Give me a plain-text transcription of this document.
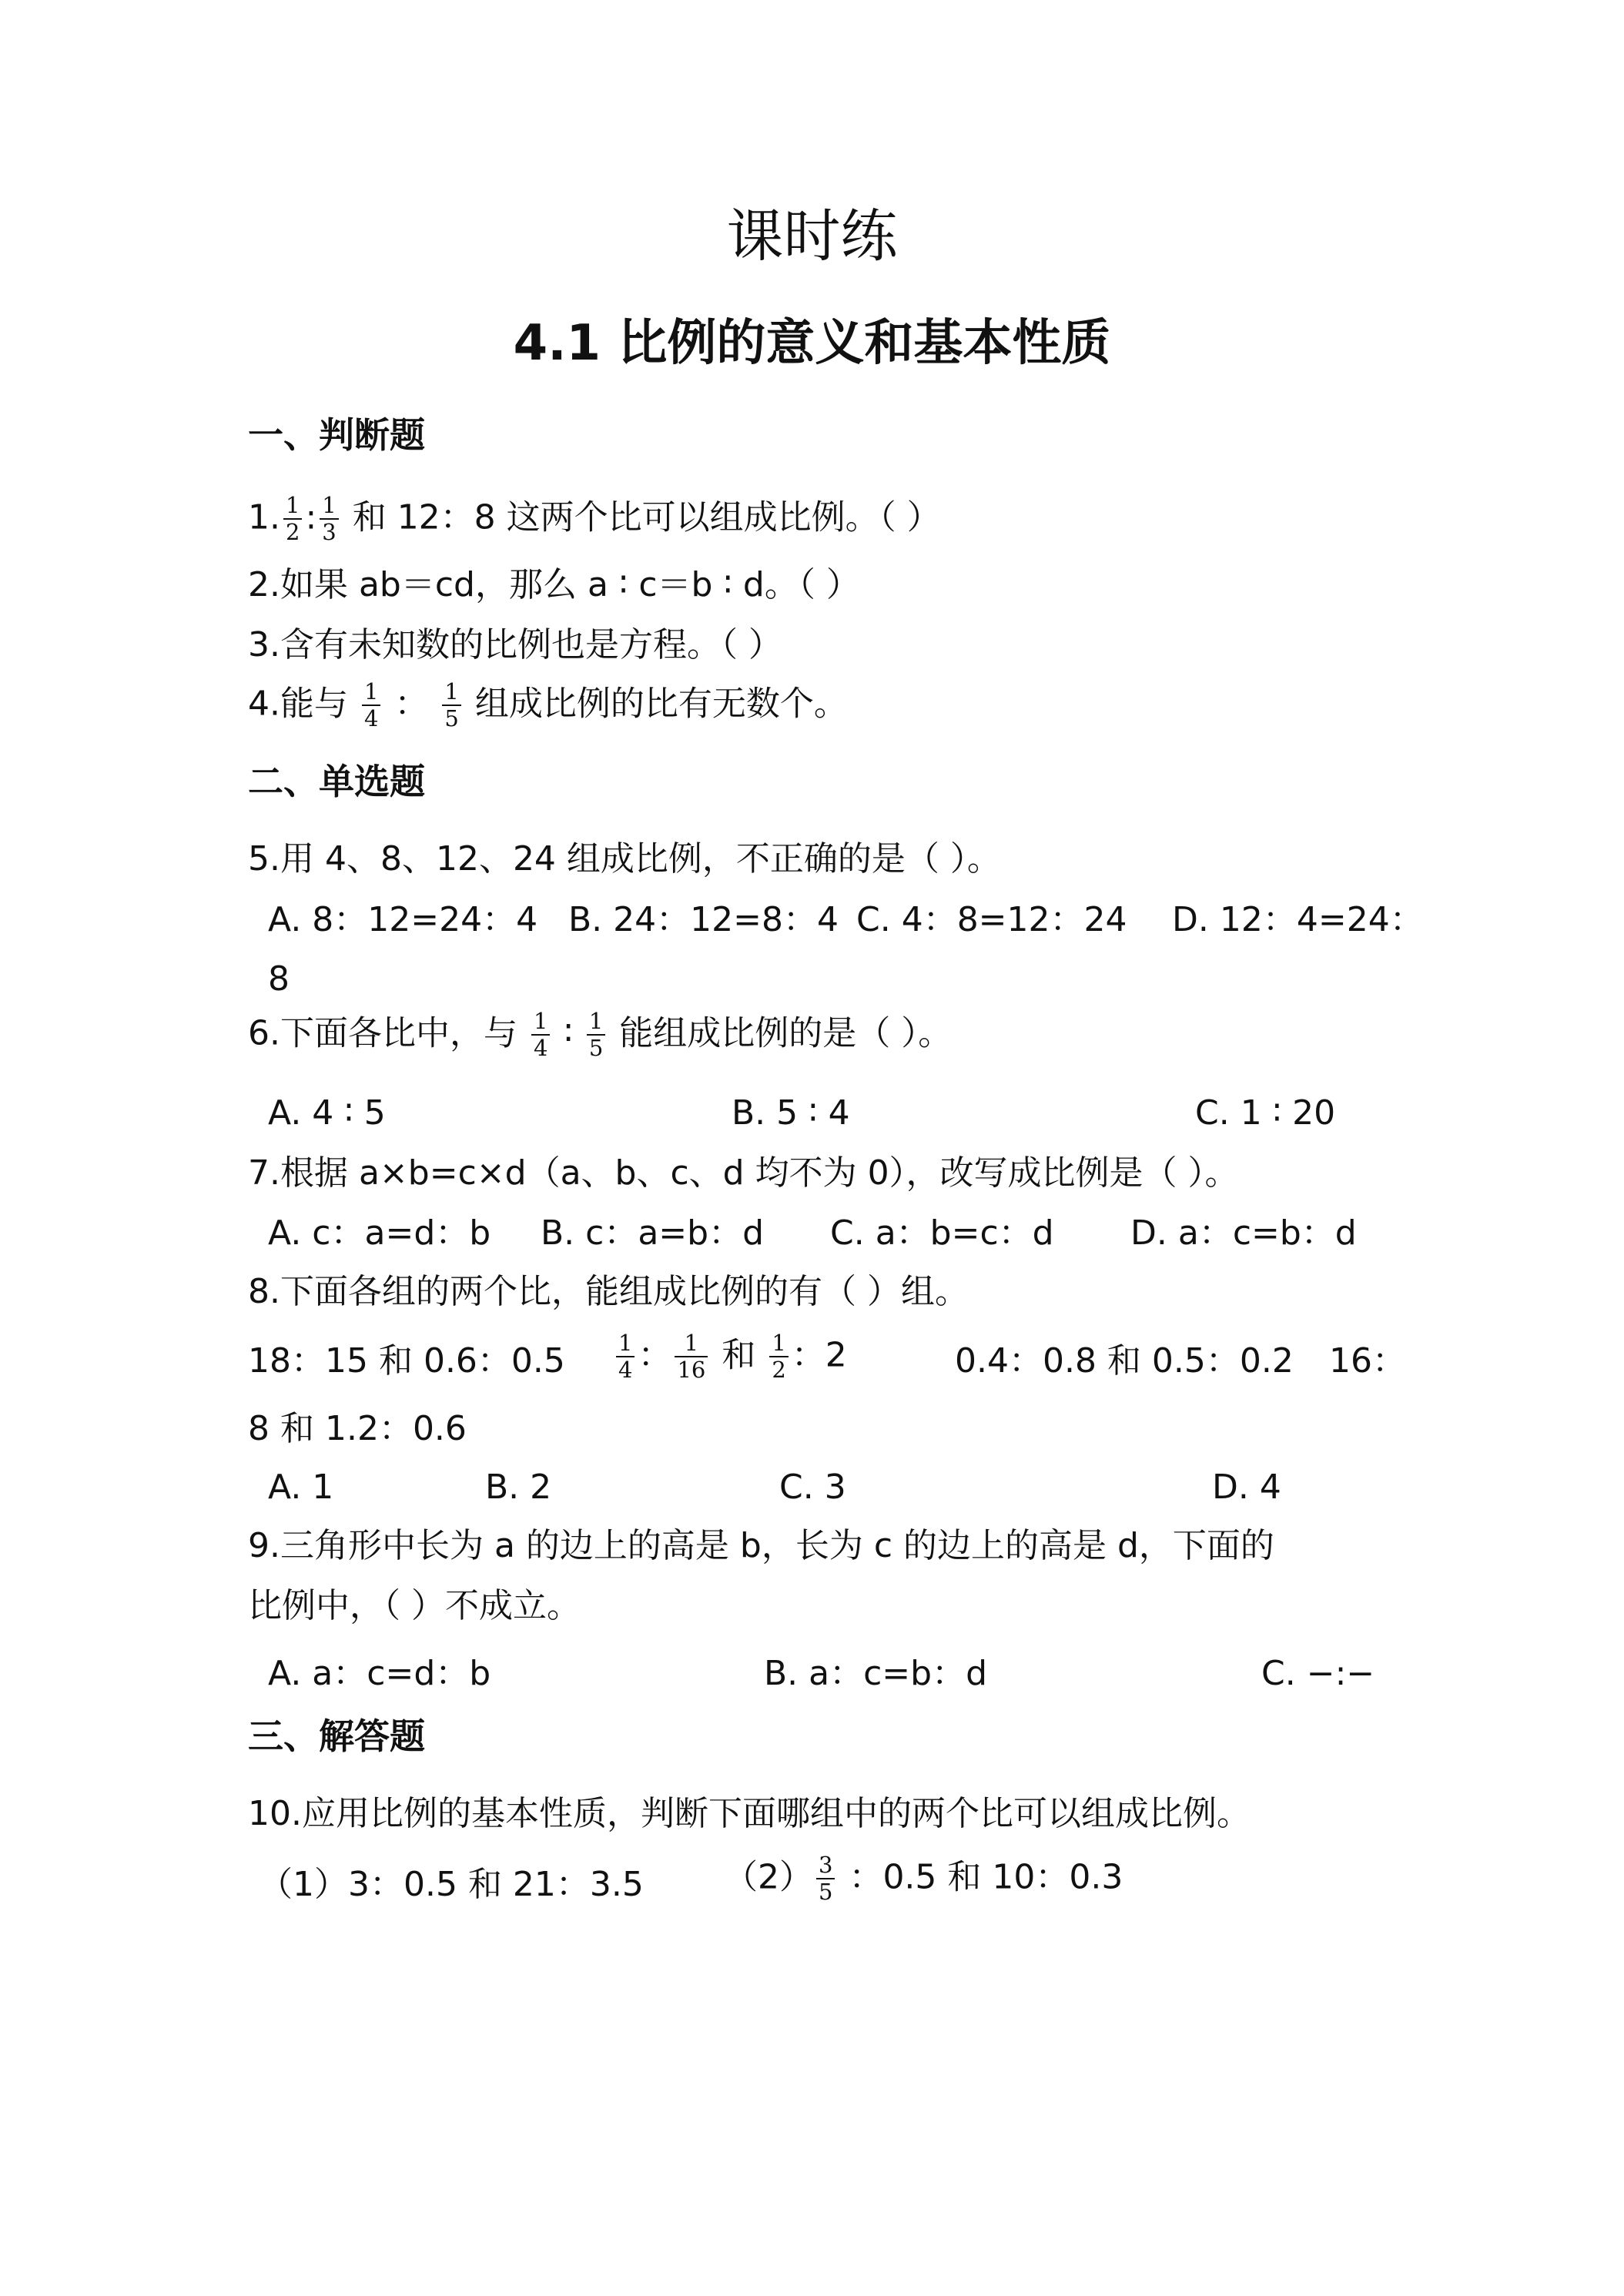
课时练
4.1 比例的意义和基本性质
一、判断题
1. $\frac{1}{2}$ : $\frac{1}{3}$ 和 12：8 这两个比可以组成比例。（ ）
2.如果 ab＝cd，那么 a ∶ c＝b ∶ d。（ ）
3.含有未知数的比例也是方程。（ ）
4.能与 $\frac{1}{4}$ ： $\frac{1}{5}$ 组成比例的比有无数个。
二、单选题
5.用 4、8、12、24 组成比例，不正确的是（ ）。
A. 8：12=24：4 B. 24：12=8：4 C. 4：8=12：24 D. 12：4=24：
8
6.下面各比中，与 $\frac{1}{4}$ ∶ $\frac{1}{5}$ 能组成比例的是（ ）。
A. 4 ∶ 5	B. 5 ∶ 4	C. 1 ∶ 20
7.根据 a×b=c×d（a、b、c、d 均不为 0），改写成比例是（ ）。
A. c：a=d：b B. c：a=b：d C. a：b=c：d D. a：c=b：d
8.下面各组的两个比，能组成比例的有（ ）组。
18：15 和 0.6：$0.5 \frac{1}{4}$ ： $\frac{1}{16}$ 和 $\frac{1}{2}$ ：2	0.4：0.8 和 0.5：0.2 16：
8 和 1.2：0.6
A. 1	B. 2	C. 3	D. 4
9.三角形中长为 a 的边上的高是 b，长为 c 的边上的高是 d，下面的
比例中，（ ）不成立。
A. a：c=d：b	B. a：c=b：d	C. −:−
三、解答题
10.应用比例的基本性质，判断下面哪组中的两个比可以组成比例。
（1）3：0.5 和 21：3.5 $(2) \frac{3}{5}$ ：0.5 和 10：0.3
